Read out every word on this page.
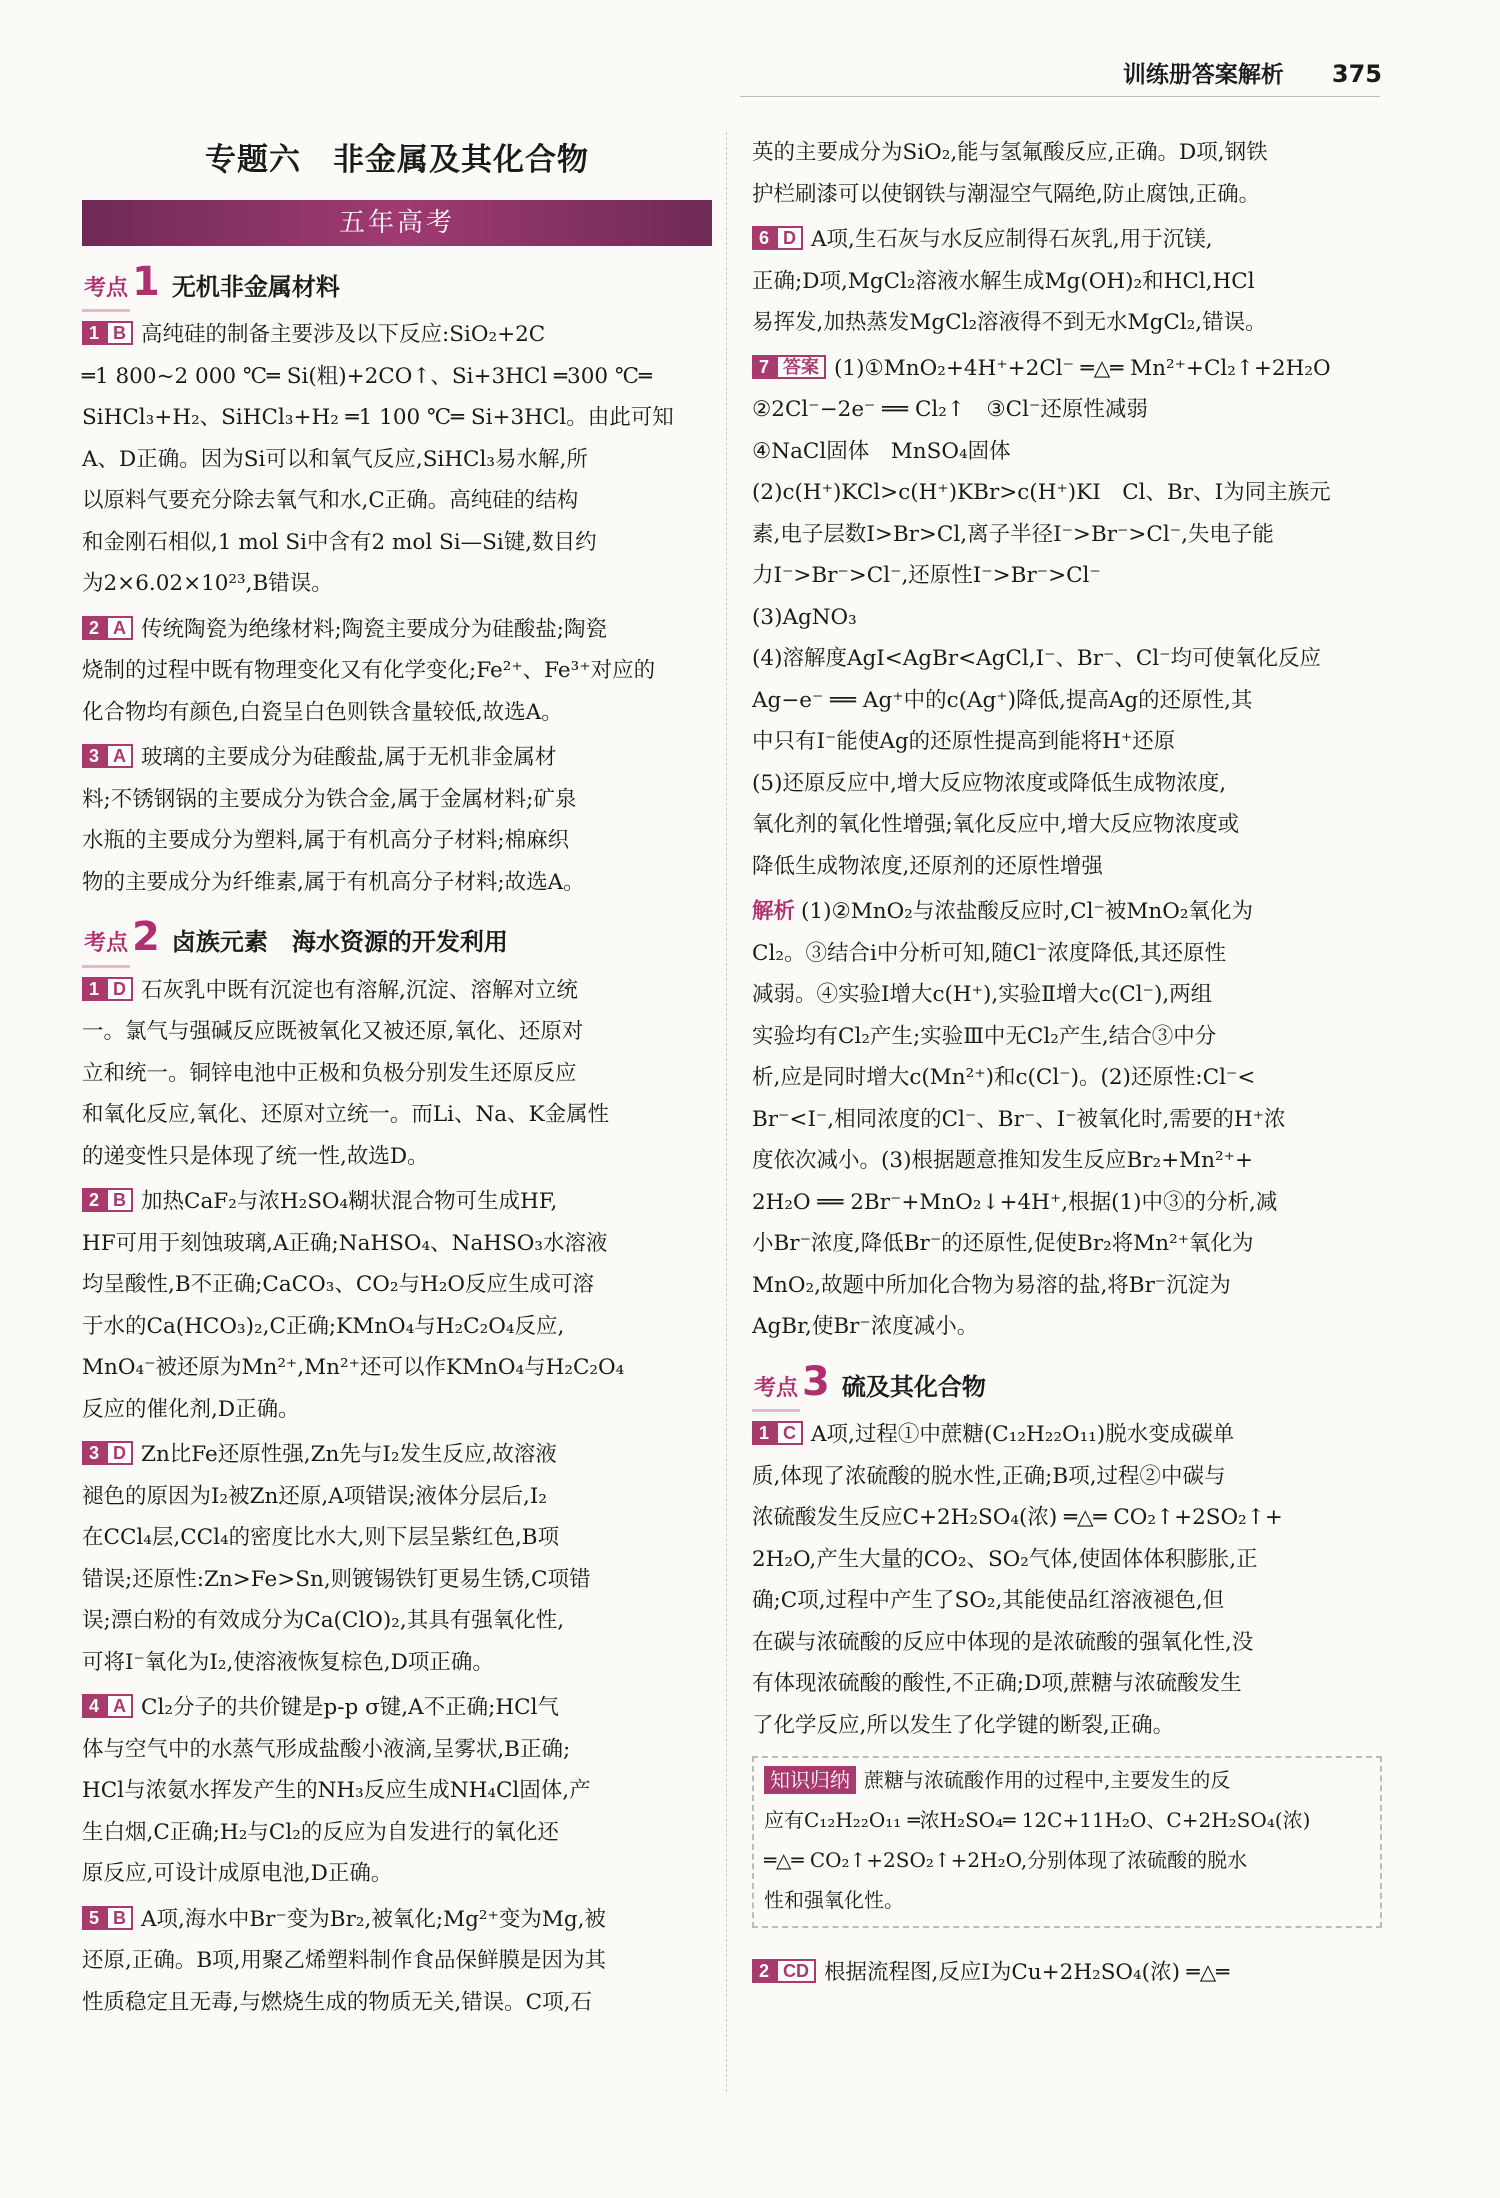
训练册答案解析 375
专题六　非金属及其化合物
五年高考
考点 1 无机非金属材料
1 B 高纯硅的制备主要涉及以下反应:SiO₂+2C
═1 800~2 000 ℃═ Si(粗)+2CO↑、Si+3HCl ═300 ℃═
SiHCl₃+H₂、SiHCl₃+H₂ ═1 100 ℃═ Si+3HCl。由此可知
A、D正确。因为Si可以和氧气反应,SiHCl₃易水解,所
以原料气要充分除去氧气和水,C正确。高纯硅的结构
和金刚石相似,1 mol Si中含有2 mol Si—Si键,数目约
为2×6.02×10²³,B错误。
2 A 传统陶瓷为绝缘材料;陶瓷主要成分为硅酸盐;陶瓷
烧制的过程中既有物理变化又有化学变化;Fe²⁺、Fe³⁺对应的
化合物均有颜色,白瓷呈白色则铁含量较低,故选A。
3 A 玻璃的主要成分为硅酸盐,属于无机非金属材
料;不锈钢锅的主要成分为铁合金,属于金属材料;矿泉
水瓶的主要成分为塑料,属于有机高分子材料;棉麻织
物的主要成分为纤维素,属于有机高分子材料;故选A。
考点 2 卤族元素　海水资源的开发利用
1 D 石灰乳中既有沉淀也有溶解,沉淀、溶解对立统
一。氯气与强碱反应既被氧化又被还原,氧化、还原对
立和统一。铜锌电池中正极和负极分别发生还原反应
和氧化反应,氧化、还原对立统一。而Li、Na、K金属性
的递变性只是体现了统一性,故选D。
2 B 加热CaF₂与浓H₂SO₄糊状混合物可生成HF,
HF可用于刻蚀玻璃,A正确;NaHSO₄、NaHSO₃水溶液
均呈酸性,B不正确;CaCO₃、CO₂与H₂O反应生成可溶
于水的Ca(HCO₃)₂,C正确;KMnO₄与H₂C₂O₄反应,
MnO₄⁻被还原为Mn²⁺,Mn²⁺还可以作KMnO₄与H₂C₂O₄
反应的催化剂,D正确。
3 D Zn比Fe还原性强,Zn先与I₂发生反应,故溶液
褪色的原因为I₂被Zn还原,A项错误;液体分层后,I₂
在CCl₄层,CCl₄的密度比水大,则下层呈紫红色,B项
错误;还原性:Zn>Fe>Sn,则镀锡铁钉更易生锈,C项错
误;漂白粉的有效成分为Ca(ClO)₂,其具有强氧化性,
可将I⁻氧化为I₂,使溶液恢复棕色,D项正确。
4 A Cl₂分子的共价键是p-p σ键,A不正确;HCl气
体与空气中的水蒸气形成盐酸小液滴,呈雾状,B正确;
HCl与浓氨水挥发产生的NH₃反应生成NH₄Cl固体,产
生白烟,C正确;H₂与Cl₂的反应为自发进行的氧化还
原反应,可设计成原电池,D正确。
5 B A项,海水中Br⁻变为Br₂,被氧化;Mg²⁺变为Mg,被
还原,正确。B项,用聚乙烯塑料制作食品保鲜膜是因为其
性质稳定且无毒,与燃烧生成的物质无关,错误。C项,石
英的主要成分为SiO₂,能与氢氟酸反应,正确。D项,钢铁
护栏刷漆可以使钢铁与潮湿空气隔绝,防止腐蚀,正确。
6 D A项,生石灰与水反应制得石灰乳,用于沉镁,
正确;D项,MgCl₂溶液水解生成Mg(OH)₂和HCl,HCl
易挥发,加热蒸发MgCl₂溶液得不到无水MgCl₂,错误。
7 答案 (1)①MnO₂+4H⁺+2Cl⁻ ═△═ Mn²⁺+Cl₂↑+2H₂O
②2Cl⁻−2e⁻ ══ Cl₂↑　③Cl⁻还原性减弱
④NaCl固体　MnSO₄固体
(2)c(H⁺)KCl>c(H⁺)KBr>c(H⁺)KI　Cl、Br、I为同主族元
素,电子层数I>Br>Cl,离子半径I⁻>Br⁻>Cl⁻,失电子能
力I⁻>Br⁻>Cl⁻,还原性I⁻>Br⁻>Cl⁻
(3)AgNO₃
(4)溶解度AgI<AgBr<AgCl,I⁻、Br⁻、Cl⁻均可使氧化反应
Ag−e⁻ ══ Ag⁺中的c(Ag⁺)降低,提高Ag的还原性,其
中只有I⁻能使Ag的还原性提高到能将H⁺还原
(5)还原反应中,增大反应物浓度或降低生成物浓度,
氧化剂的氧化性增强;氧化反应中,增大反应物浓度或
降低生成物浓度,还原剂的还原性增强
解析 (1)②MnO₂与浓盐酸反应时,Cl⁻被MnO₂氧化为
Cl₂。③结合ⅰ中分析可知,随Cl⁻浓度降低,其还原性
减弱。④实验Ⅰ增大c(H⁺),实验Ⅱ增大c(Cl⁻),两组
实验均有Cl₂产生;实验Ⅲ中无Cl₂产生,结合③中分
析,应是同时增大c(Mn²⁺)和c(Cl⁻)。(2)还原性:Cl⁻<
Br⁻<I⁻,相同浓度的Cl⁻、Br⁻、I⁻被氧化时,需要的H⁺浓
度依次减小。(3)根据题意推知发生反应Br₂+Mn²⁺+
2H₂O ══ 2Br⁻+MnO₂↓+4H⁺,根据(1)中③的分析,减
小Br⁻浓度,降低Br⁻的还原性,促使Br₂将Mn²⁺氧化为
MnO₂,故题中所加化合物为易溶的盐,将Br⁻沉淀为
AgBr,使Br⁻浓度减小。
考点 3 硫及其化合物
1 C A项,过程①中蔗糖(C₁₂H₂₂O₁₁)脱水变成碳单
质,体现了浓硫酸的脱水性,正确;B项,过程②中碳与
浓硫酸发生反应C+2H₂SO₄(浓) ═△═ CO₂↑+2SO₂↑+
2H₂O,产生大量的CO₂、SO₂气体,使固体体积膨胀,正
确;C项,过程中产生了SO₂,其能使品红溶液褪色,但
在碳与浓硫酸的反应中体现的是浓硫酸的强氧化性,没
有体现浓硫酸的酸性,不正确;D项,蔗糖与浓硫酸发生
了化学反应,所以发生了化学键的断裂,正确。
知识归纳 蔗糖与浓硫酸作用的过程中,主要发生的反
应有C₁₂H₂₂O₁₁ ═浓H₂SO₄═ 12C+11H₂O、C+2H₂SO₄(浓)
═△═ CO₂↑+2SO₂↑+2H₂O,分别体现了浓硫酸的脱水
性和强氧化性。
2 CD 根据流程图,反应Ⅰ为Cu+2H₂SO₄(浓) ═△═
